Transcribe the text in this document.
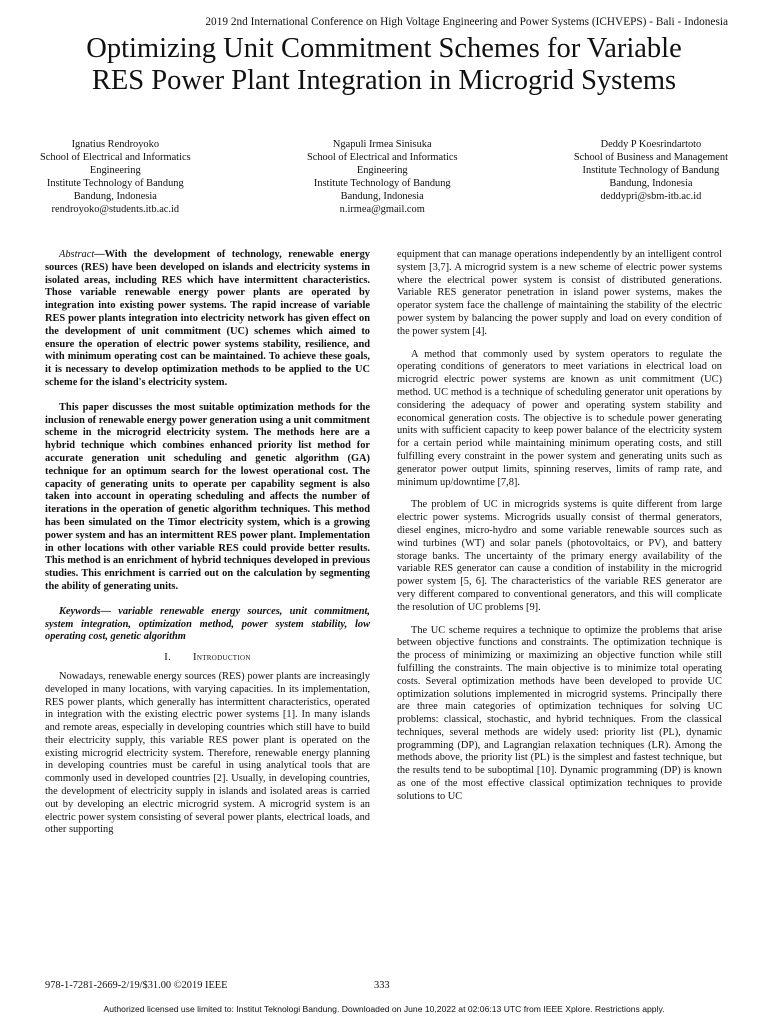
2019 2nd International Conference on High Voltage Engineering and Power Systems (ICHVEPS) - Bali - Indonesia
Optimizing Unit Commitment Schemes for Variable
RES Power Plant Integration in Microgrid Systems
Ignatius Rendroyoko
School of Electrical and Informatics
Engineering
Institute Technology of Bandung
Bandung, Indonesia
rendroyoko@students.itb.ac.id
Ngapuli Irmea Sinisuka
School of Electrical and Informatics
Engineering
Institute Technology of Bandung
Bandung, Indonesia
n.irmea@gmail.com
Deddy P Koesrindartoto
School of Business and Management
Institute Technology of Bandung
Bandung, Indonesia
deddypri@sbm-itb.ac.id

Abstract—With the development of technology, renewable energy sources (RES) have been developed on islands and electricity systems in isolated areas, including RES which have intermittent characteristics. Those variable renewable energy power plants are operated by integration into existing power systems. The rapid increase of variable RES power plants integration into electricity network has given effect on the development of unit commitment (UC) schemes which aimed to ensure the operation of electric power systems stability, resilience, and with minimum operating cost can be maintained. To achieve these goals, it is necessary to develop optimization methods to be applied to the UC scheme for the island's electricity system.

This paper discusses the most suitable optimization methods for the inclusion of renewable energy power generation using a unit commitment scheme in the microgrid electricity system. The methods here are a hybrid technique which combines enhanced priority list method for accurate generation unit scheduling and genetic algorithm (GA) technique for an optimum search for the lowest operational cost. The capacity of generating units to operate per capability segment is also taken into account in operating scheduling and affects the number of iterations in the operation of genetic algorithm techniques. This method has been simulated on the Timor electricity system, which is a growing power system and has an intermittent RES power plant. Implementation in other locations with other variable RES could provide better results. This method is an enrichment of hybrid techniques developed in previous studies. This enrichment is carried out on the calculation by segmenting the ability of generating units.

Keywords— variable renewable energy sources, unit commitment, system integration, optimization method, power system stability, low operating cost, genetic algorithm

I. Introduction

Nowadays, renewable energy sources (RES) power plants are increasingly developed in many locations, with varying capacities. In its implementation, RES power plants, which generally has intermittent characteristics, operated in integration with the existing electric power systems [1]. In many islands and remote areas, especially in developing countries which still have to build their electricity supply, this variable RES power plant is operated on the existing microgrid electricity system. Therefore, renewable energy planning in developing countries must be careful in using analytical tools that are commonly used in developed countries [2]. Usually, in developing countries, the development of electricity supply in islands and isolated areas is carried out by developing an electric microgrid system. A microgrid system is an electric power system consisting of several power plants, electrical loads, and other supporting

equipment that can manage operations independently by an intelligent control system [3,7]. A microgrid system is a new scheme of electric power systems where the electrical power system is consist of distributed generations. Variable RES generator penetration in island power systems, makes the operator system face the challenge of maintaining the stability of the electric power system by balancing the power supply and load on every condition of the power system [4].

A method that commonly used by system operators to regulate the operating conditions of generators to meet variations in electrical load on microgrid electric power systems are known as unit commitment (UC) method. UC method is a technique of scheduling generator unit operations by considering the adequacy of power and operating system stability and economical generation costs. The objective is to schedule power generating units with sufficient capacity to keep power balance of the electricity system for a certain period while maintaining minimum operating costs, and still fulfilling every constraint in the power system and generating units such as generator power output limits, spinning reserves, limits of ramp rate, and minimum up/downtime [7,8].

The problem of UC in microgrids systems is quite different from large electric power systems. Microgrids usually consist of thermal generators, diesel engines, micro-hydro and some variable renewable sources such as wind turbines (WT) and solar panels (photovoltaics, or PV), and battery storage banks. The uncertainty of the primary energy availability of the variable RES generator can cause a condition of instability in the microgrid power system [5, 6]. The characteristics of the variable RES generator are very different compared to conventional generators, and this will complicate the resolution of UC problems [9].

The UC scheme requires a technique to optimize the problems that arise between objective functions and constraints. The optimization technique is the process of minimizing or maximizing an objective function while still fulfilling the constraints. The main objective is to minimize total operating costs. Several optimization methods have been developed to provide UC optimization solutions implemented in microgrid systems. Principally there are three main categories of optimization techniques for solving UC problems: classical, stochastic, and hybrid techniques. From the classical techniques, several methods are widely used: priority list (PL), dynamic programming (DP), and Lagrangian relaxation techniques (LR). Among the methods above, the priority list (PL) is the simplest and fastest technique, but the results tend to be suboptimal [10]. Dynamic programming (DP) is known as one of the most effective classical optimization techniques to provide solutions to UC

978-1-7281-2669-2/19/$31.00 ©2019 IEEE	333
Authorized licensed use limited to: Institut Teknologi Bandung. Downloaded on June 10,2022 at 02:06:13 UTC from IEEE Xplore. Restrictions apply.
